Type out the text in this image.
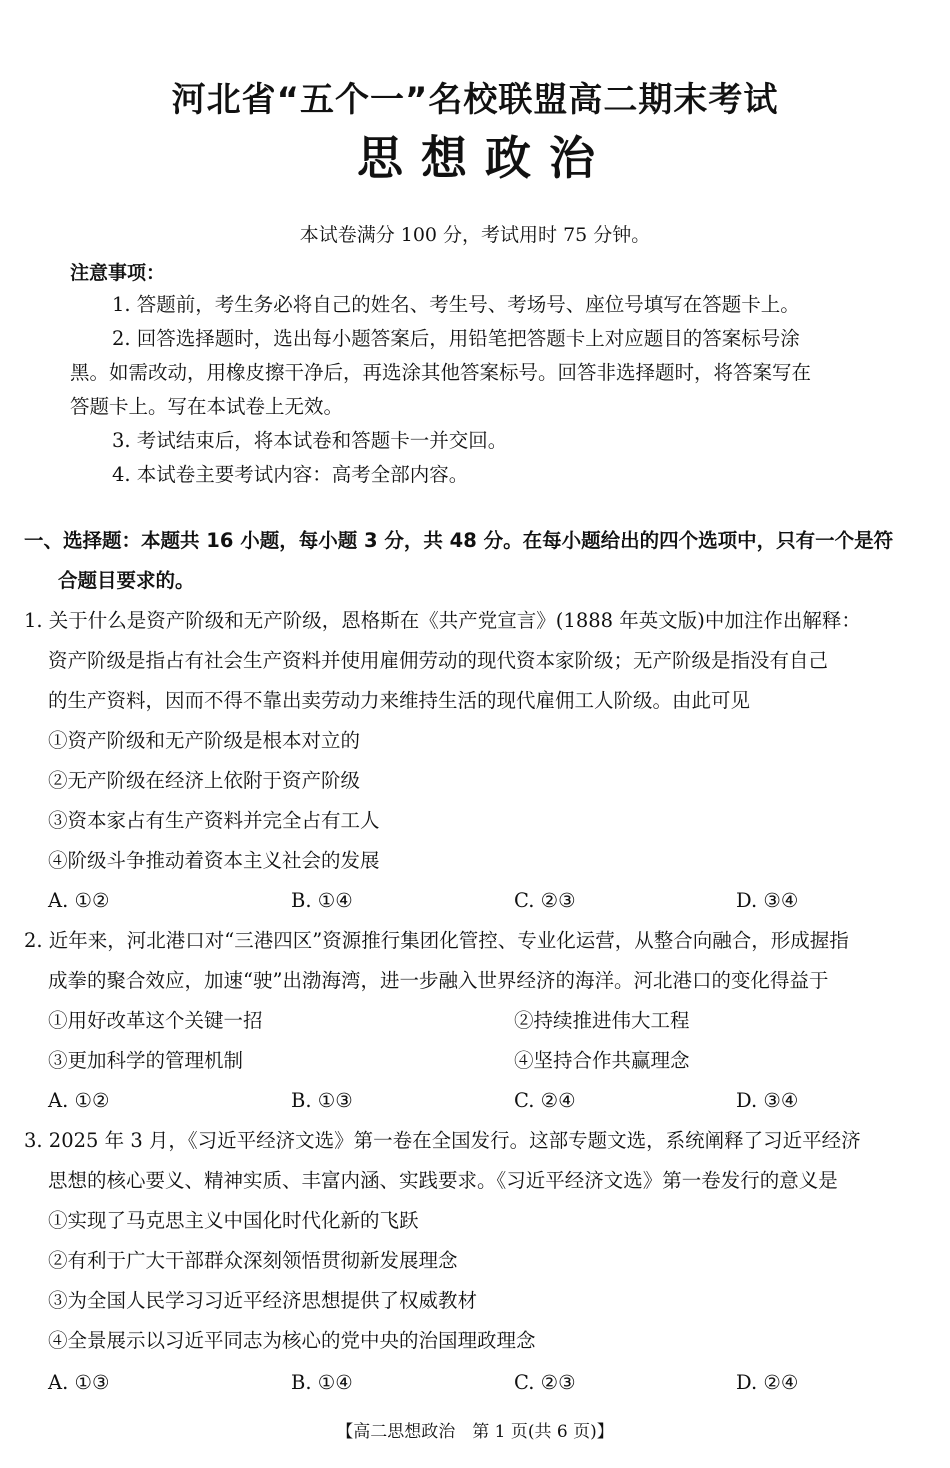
河北省“五个一”名校联盟高二期末考试
思想政治
本试卷满分 100 分，考试用时 75 分钟。
注意事项：
1. 答题前，考生务必将自己的姓名、考生号、考场号、座位号填写在答题卡上。
2. 回答选择题时，选出每小题答案后，用铅笔把答题卡上对应题目的答案标号涂
黑。如需改动，用橡皮擦干净后，再选涂其他答案标号。回答非选择题时，将答案写在
答题卡上。写在本试卷上无效。
3. 考试结束后，将本试卷和答题卡一并交回。
4. 本试卷主要考试内容：高考全部内容。
一、选择题：本题共 16 小题，每小题 3 分，共 48 分。在每小题给出的四个选项中，只有一个是符
合题目要求的。
1. 关于什么是资产阶级和无产阶级，恩格斯在《共产党宣言》(1888 年英文版)中加注作出解释：
资产阶级是指占有社会生产资料并使用雇佣劳动的现代资本家阶级；无产阶级是指没有自己
的生产资料，因而不得不靠出卖劳动力来维持生活的现代雇佣工人阶级。由此可见
①资产阶级和无产阶级是根本对立的
②无产阶级在经济上依附于资产阶级
③资本家占有生产资料并完全占有工人
④阶级斗争推动着资本主义社会的发展
A. ①②	B. ①④	C. ②③	D. ③④
2. 近年来，河北港口对“三港四区”资源推行集团化管控、专业化运营，从整合向融合，形成握指
成拳的聚合效应，加速“驶”出渤海湾，进一步融入世界经济的海洋。河北港口的变化得益于
①用好改革这个关键一招	②持续推进伟大工程
③更加科学的管理机制	④坚持合作共赢理念
A. ①②	B. ①③	C. ②④	D. ③④
3. 2025 年 3 月，《习近平经济文选》第一卷在全国发行。这部专题文选，系统阐释了习近平经济
思想的核心要义、精神实质、丰富内涵、实践要求。《习近平经济文选》第一卷发行的意义是
①实现了马克思主义中国化时代化新的飞跃
②有利于广大干部群众深刻领悟贯彻新发展理念
③为全国人民学习习近平经济思想提供了权威教材
④全景展示以习近平同志为核心的党中央的治国理政理念
A. ①③	B. ①④	C. ②③	D. ②④
【高二思想政治　第 1 页(共 6 页)】
